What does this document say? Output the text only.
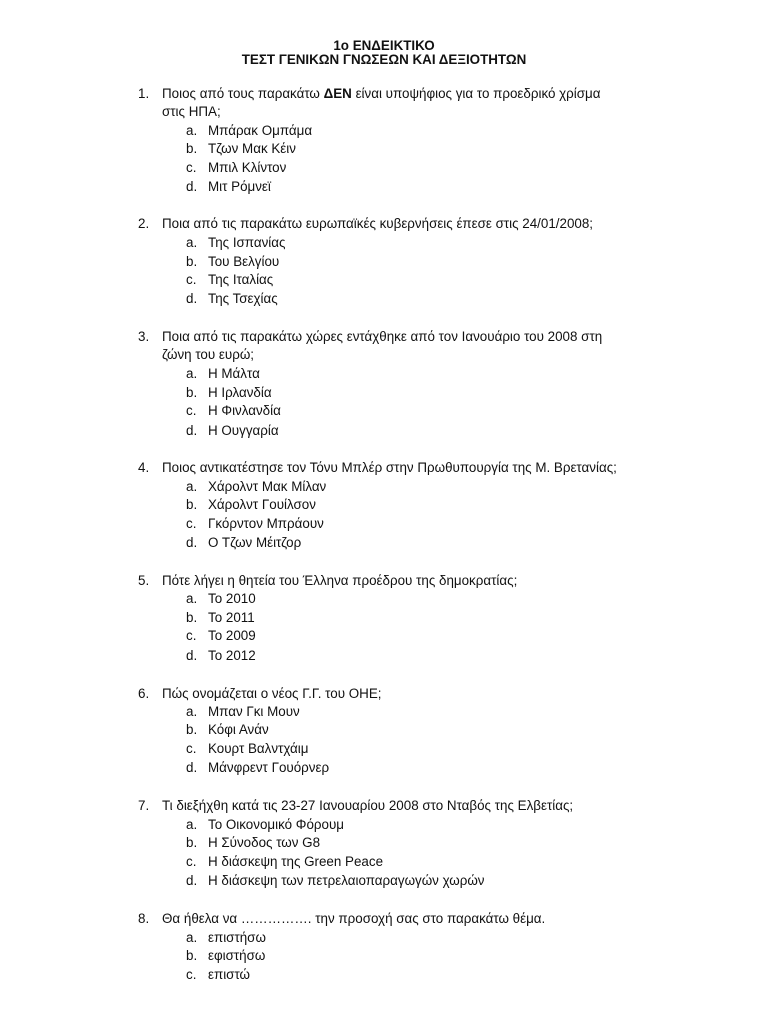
1ο ΕΝΔΕΙΚΤΙΚΟ
ΤΕΣΤ ΓΕΝΙΚΩΝ ΓΝΩΣΕΩΝ ΚΑΙ ΔΕΞΙΟΤΗΤΩΝ
1. Ποιος από τους παρακάτω ΔΕΝ είναι υποψήφιος για το προεδρικό χρίσμα
στις ΗΠΑ;
a. Μπάρακ Ομπάμα
b. Τζων Μακ Κέιν
c. Μπιλ Κλίντον
d. Μιτ Ρόμνεϊ
2. Ποια από τις παρακάτω ευρωπαϊκές κυβερνήσεις έπεσε στις 24/01/2008;
a. Της Ισπανίας
b. Του Βελγίου
c. Της Ιταλίας
d. Της Τσεχίας
3. Ποια από τις παρακάτω χώρες εντάχθηκε από τον Ιανουάριο του 2008 στη
ζώνη του ευρώ;
a. Η Μάλτα
b. Η Ιρλανδία
c. Η Φινλανδία
d. Η Ουγγαρία
4. Ποιος αντικατέστησε τον Τόνυ Μπλέρ στην Πρωθυπουργία της Μ. Βρετανίας;
a. Χάρολντ Μακ Μίλαν
b. Χάρολντ Γουίλσον
c. Γκόρντον Μπράουν
d. Ο Τζων Μέιτζορ
5. Πότε λήγει η θητεία του Έλληνα προέδρου της δημοκρατίας;
a. Το 2010
b. Το 2011
c. Το 2009
d. Το 2012
6. Πώς ονομάζεται ο νέος Γ.Γ. του ΟΗΕ;
a. Μπαν Γκι Μουν
b. Κόφι Ανάν
c. Κουρτ Βαλντχάιμ
d. Μάνφρεντ Γουόρνερ
7. Τι διεξήχθη κατά τις 23-27 Ιανουαρίου 2008 στο Νταβός της Ελβετίας;
a. Το Οικονομικό Φόρουμ
b. Η Σύνοδος των G8
c. Η διάσκεψη της Green Peace
d. Η διάσκεψη των πετρελαιοπαραγωγών χωρών
8. Θα ήθελα να ……………. την προσοχή σας στο παρακάτω θέμα.
a. επιστήσω
b. εφιστήσω
c. επιστώ
